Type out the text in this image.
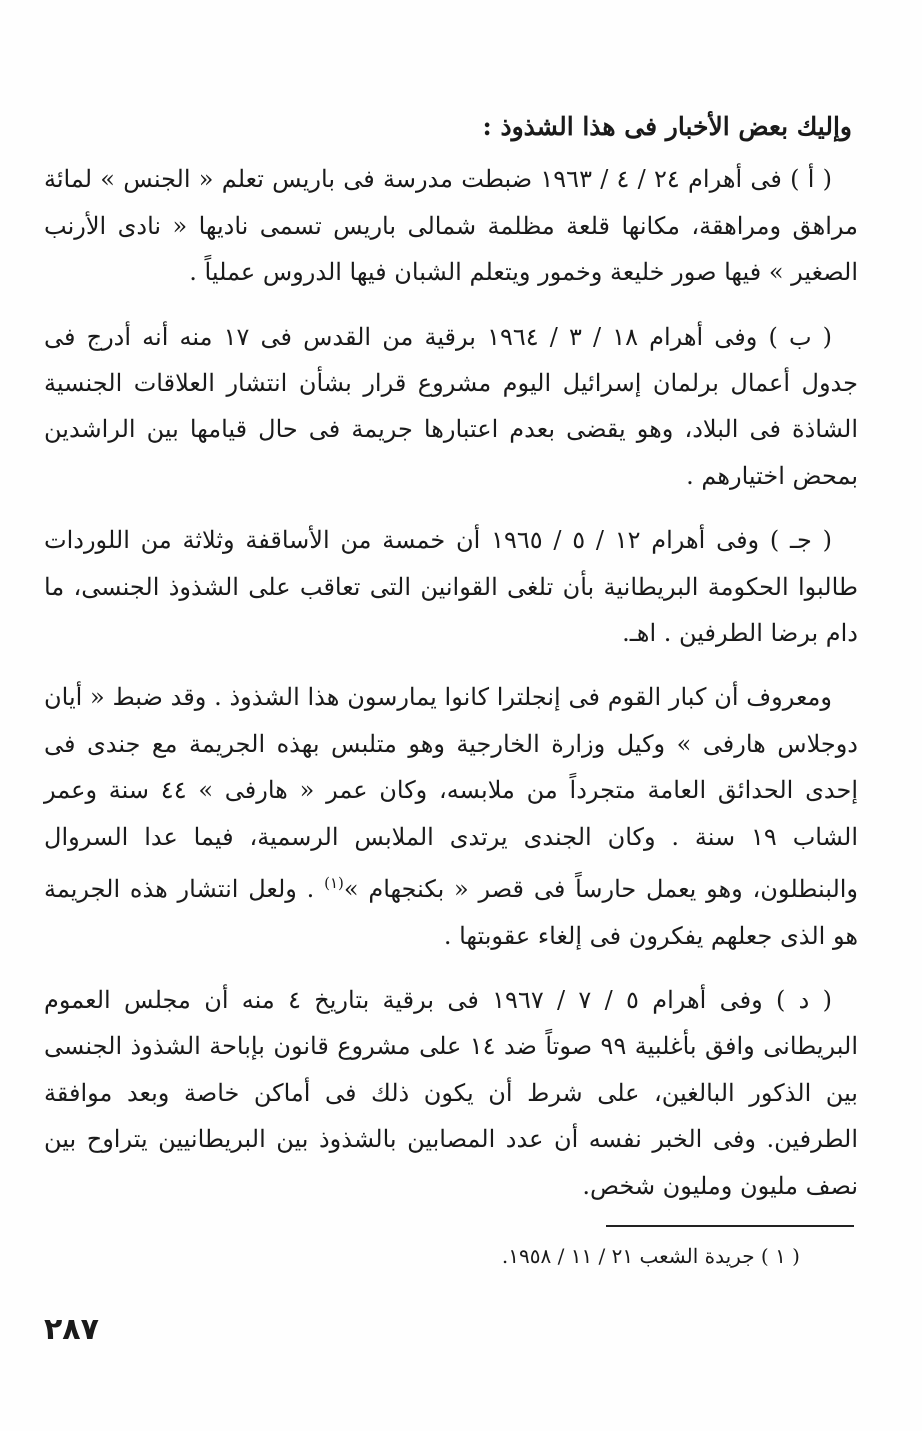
وإليك بعض الأخبار فى هذا الشذوذ :

( أ ) فى أهرام ٢٤ / ٤ / ١٩٦٣ ضبطت مدرسة فى باريس تعلم « الجنس » لمائة مراهق ومراهقة، مكانها قلعة مظلمة شمالى باريس تسمى ناديها « نادى الأرنب الصغير » فيها صور خليعة وخمور ويتعلم الشبان فيها الدروس عملياً .

( ب ) وفى أهرام ١٨ / ٣ / ١٩٦٤ برقية من القدس فى ١٧ منه أنه أدرج فى جدول أعمال برلمان إسرائيل اليوم مشروع قرار بشأن انتشار العلاقات الجنسية الشاذة فى البلاد، وهو يقضى بعدم اعتبارها جريمة فى حال قيامها بين الراشدين بمحض اختيارهم .

( جـ ) وفى أهرام ١٢ / ٥ / ١٩٦٥ أن خمسة من الأساقفة وثلاثة من اللوردات طالبوا الحكومة البريطانية بأن تلغى القوانين التى تعاقب على الشذوذ الجنسى، ما دام برضا الطرفين . اهـ.

ومعروف أن كبار القوم فى إنجلترا كانوا يمارسون هذا الشذوذ . وقد ضبط « أيان دوجلاس هارفى » وكيل وزارة الخارجية وهو متلبس بهذه الجريمة مع جندى فى إحدى الحدائق العامة متجرداً من ملابسه، وكان عمر « هارفى » ٤٤ سنة وعمر الشاب ١٩ سنة . وكان الجندى يرتدى الملابس الرسمية، فيما عدا السروال والبنطلون، وهو يعمل حارساً فى قصر « بكنجهام »$^{(١)}$ . ولعل انتشار هذه الجريمة هو الذى جعلهم يفكرون فى إلغاء عقوبتها .

( د ) وفى أهرام ٥ / ٧ / ١٩٦٧ فى برقية بتاريخ ٤ منه أن مجلس العموم البريطانى وافق بأغلبية ٩٩ صوتاً ضد ١٤ على مشروع قانون بإباحة الشذوذ الجنسى بين الذكور البالغين، على شرط أن يكون ذلك فى أماكن خاصة وبعد موافقة الطرفين. وفى الخبر نفسه أن عدد المصابين بالشذوذ بين البريطانيين يتراوح بين نصف مليون ومليون شخص.

( ١ ) جريدة الشعب ٢١ / ١١ / ١٩٥٨.
٢٨٧
